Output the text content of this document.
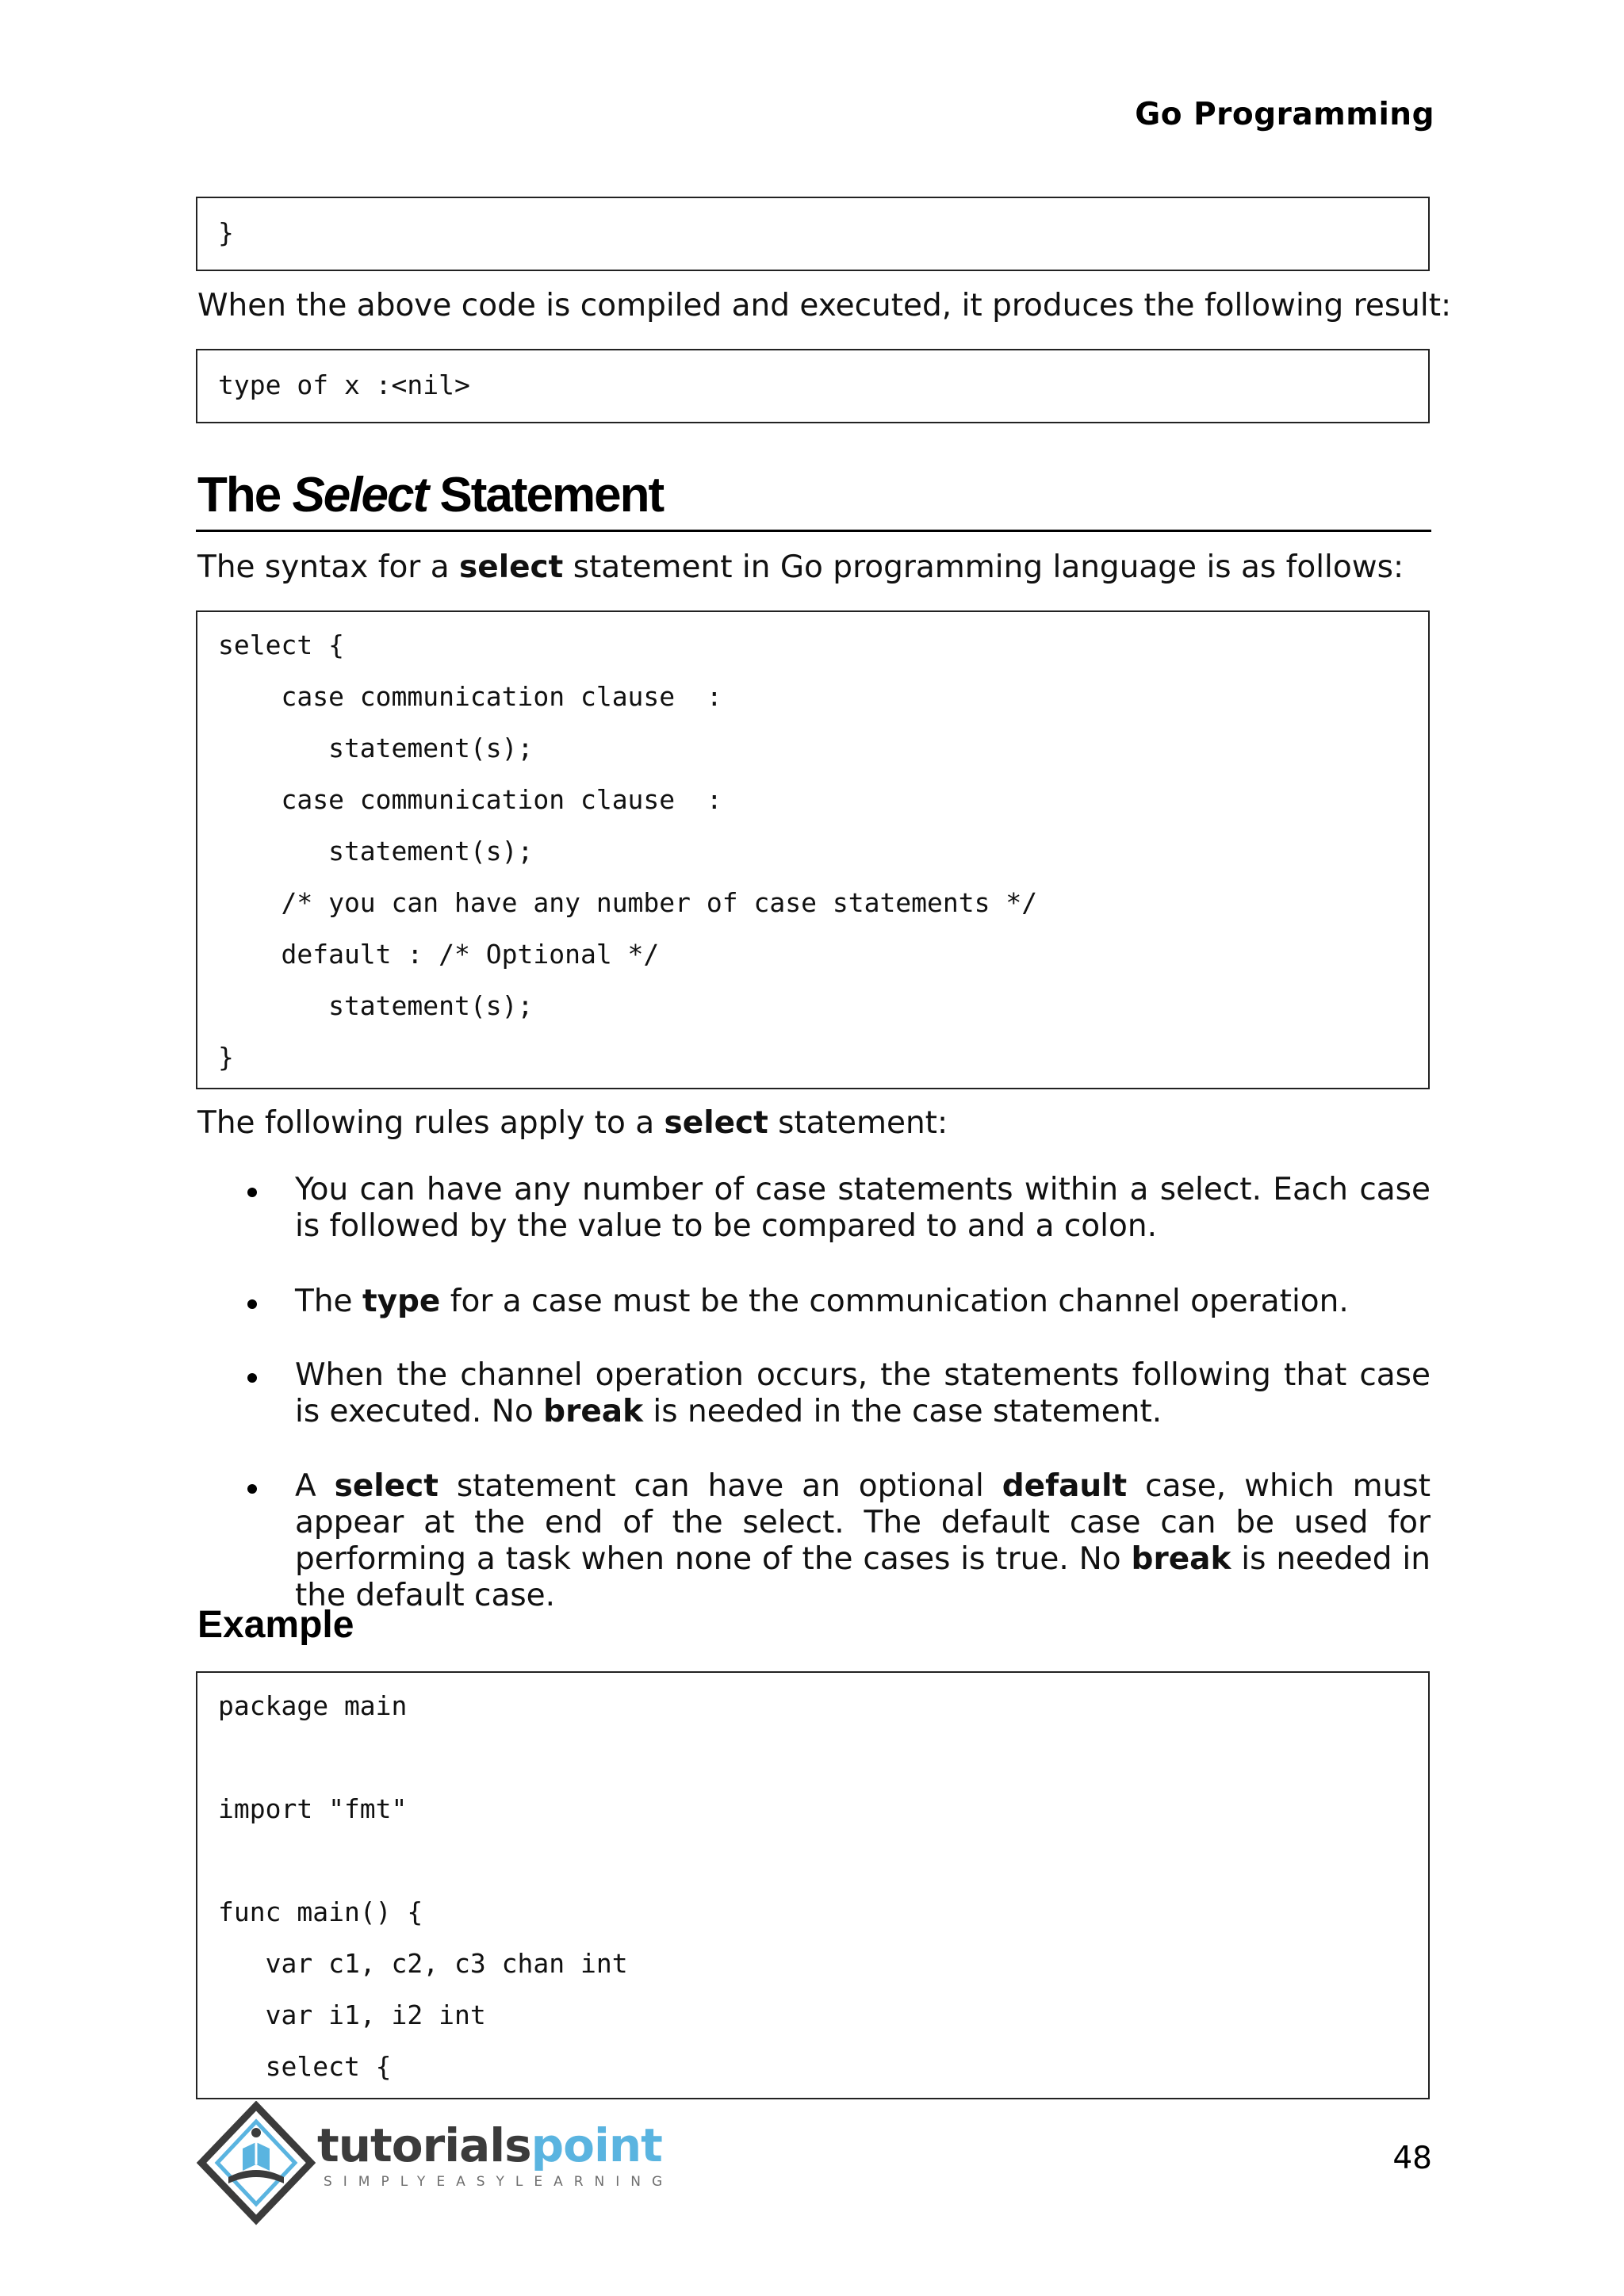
Go Programming
}
When the above code is compiled and executed, it produces the following result:
type of x :<nil>
The Select Statement
The syntax for a select statement in Go programming language is as follows:
select {
case communication clause  :
statement(s);
case communication clause  :
statement(s);
/* you can have any number of case statements */
default : /* Optional */
statement(s);
}
The following rules apply to a select statement:
You can have any number of case statements within a select. Each case is followed by the value to be compared to and a colon.
The type for a case must be the communication channel operation.
When the channel operation occurs, the statements following that case is executed. No break is needed in the case statement.
A select statement can have an optional default case, which must appear at the end of the select. The default case can be used for performing a task when none of the cases is true. No break is needed in the default case.
Example
package main
import "fmt"
func main() {
var c1, c2, c3 chan int
var i1, i2 int
select {
tutorialspoint
SIMPLYEASYLEARNING
48
